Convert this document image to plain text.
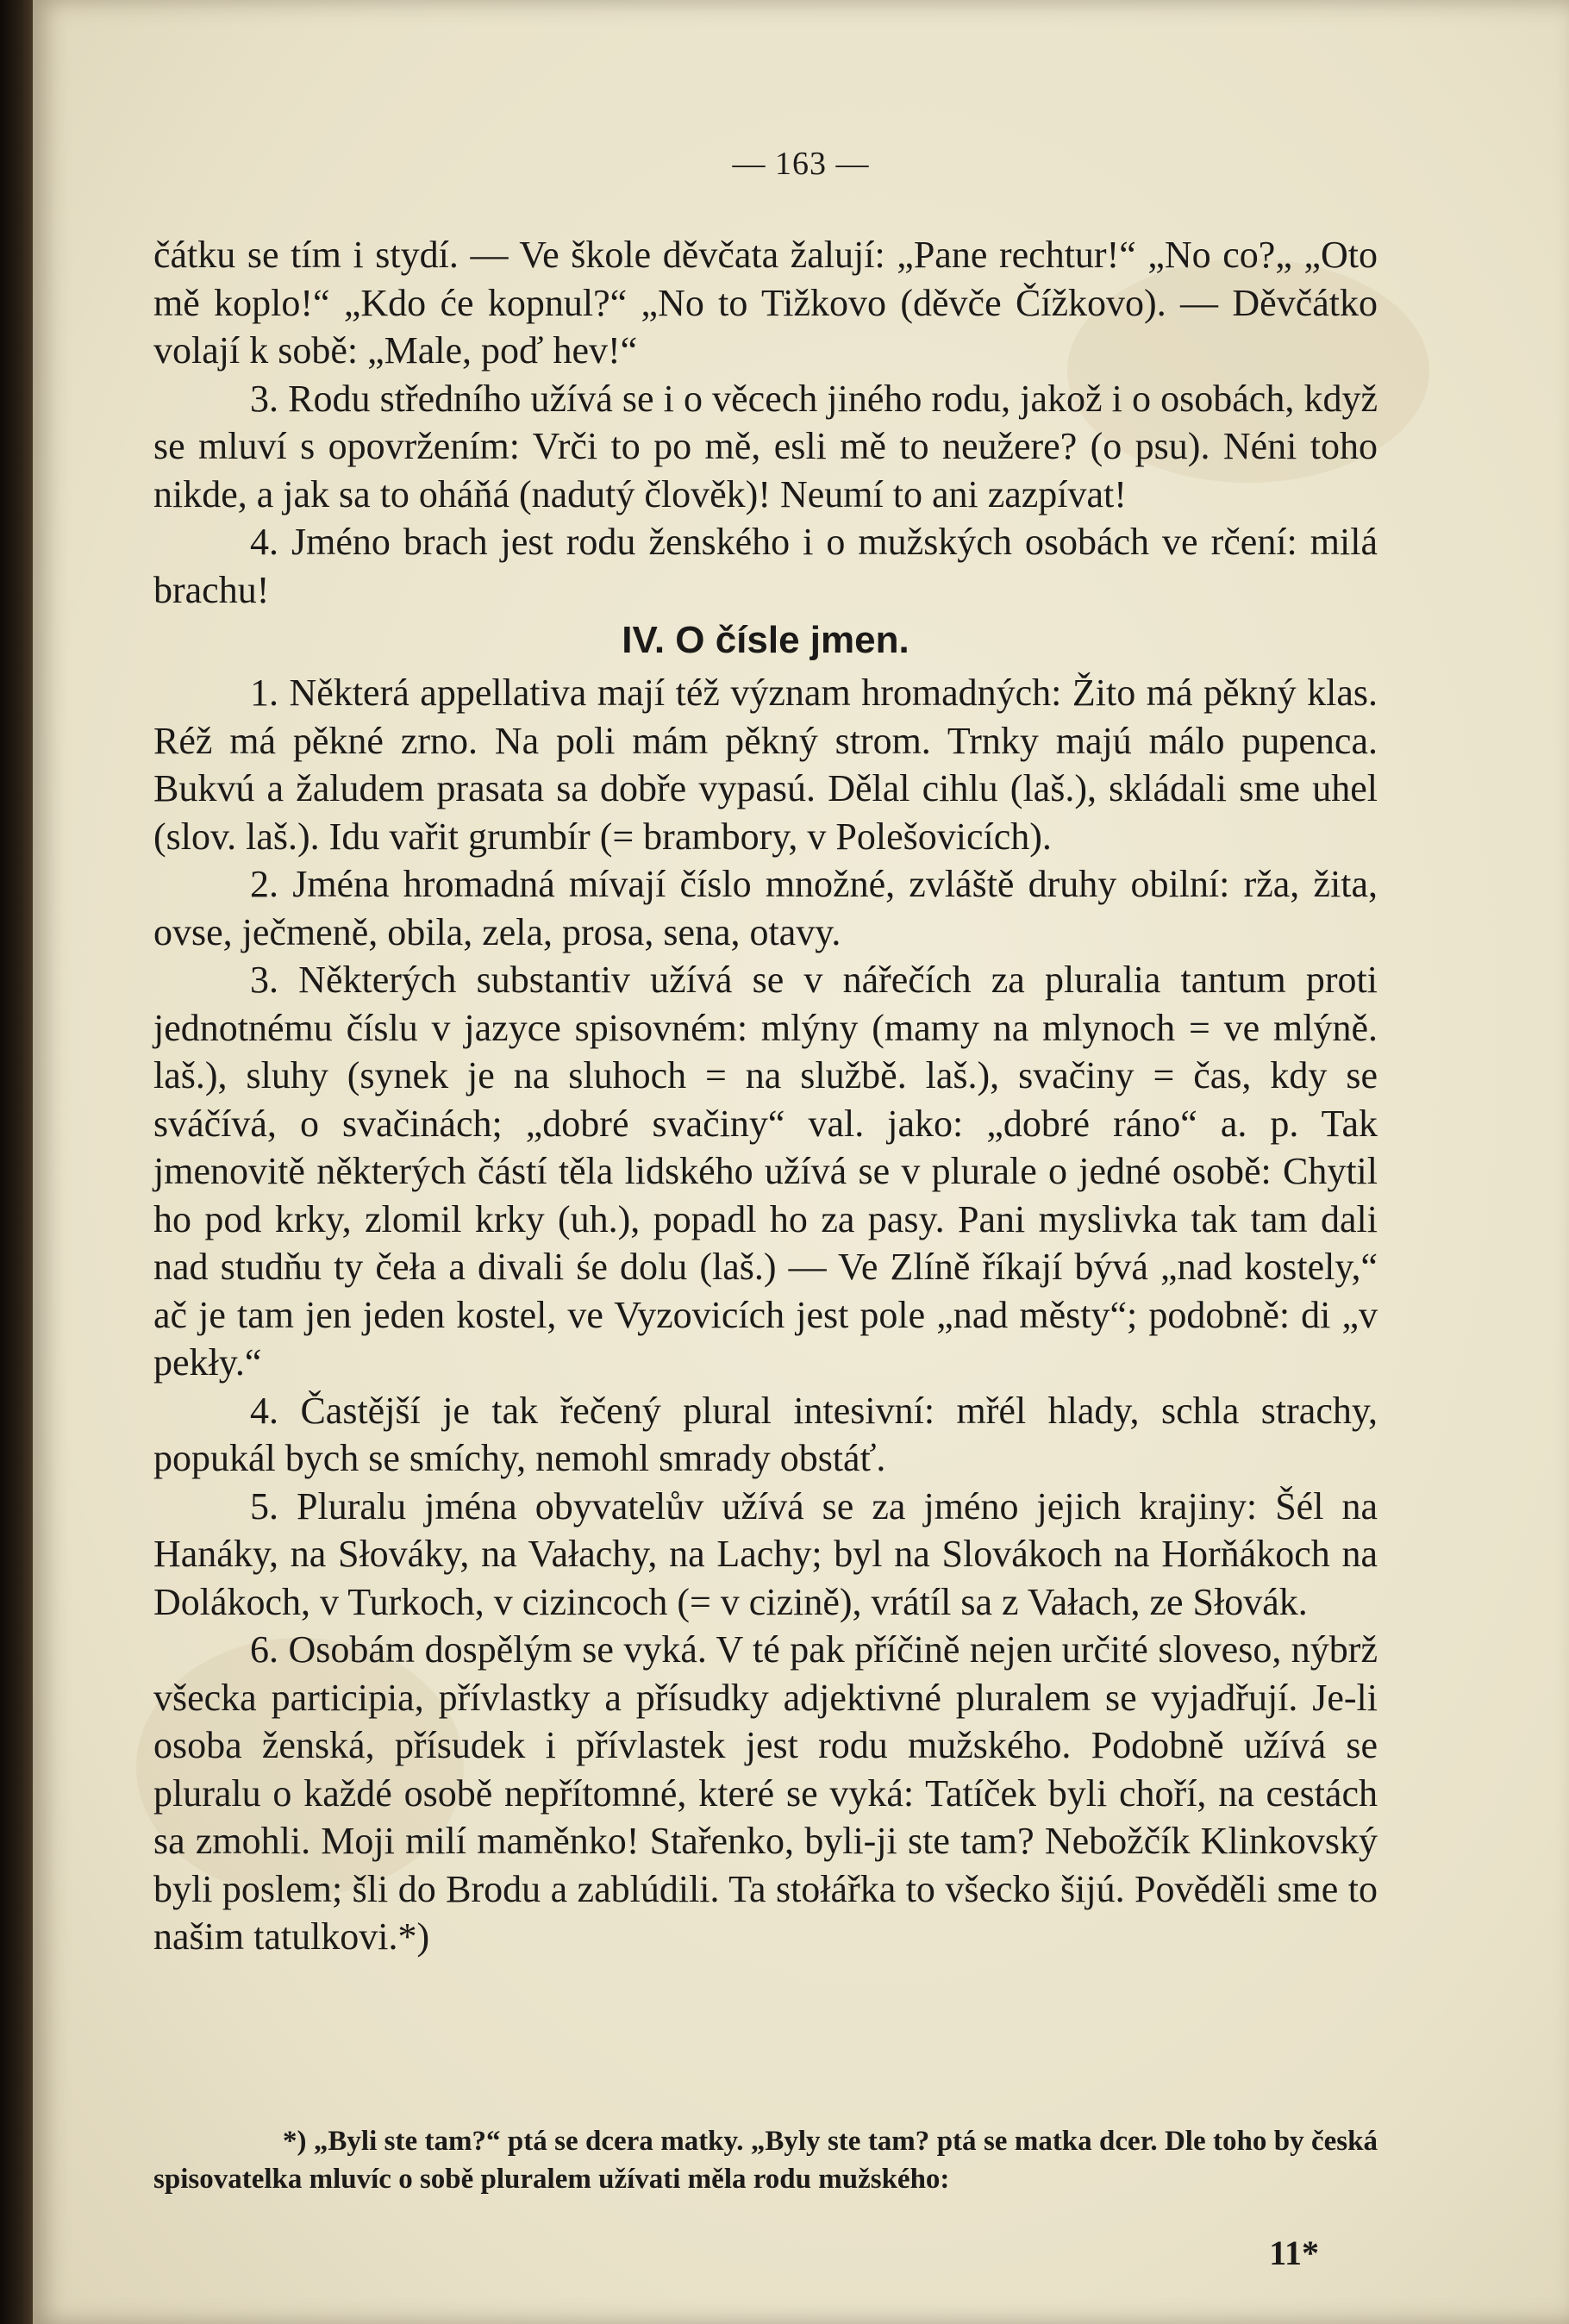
— 163 —

čátku se tím i stydí. — Ve škole děvčata žalují: „Pane rechtur!“ „No co?„ „Oto mě koplo!“ „Kdo će kopnul?“ „No to Tižkovo (děvče Čížkovo). — Děvčátko volají k sobě: „Male, poď hev!“

3. Rodu středního užívá se i o věcech jiného rodu, jakož i o osobách, když se mluví s opovržením: Vrči to po mě, esli mě to neužere? (o psu). Néni toho nikde, a jak sa to oháňá (nadutý člověk)! Neumí to ani zazpívat!

4. Jméno brach jest rodu ženského i o mužských osobách ve rčení: milá brachu!

IV. O čísle jmen.

1. Některá appellativa mají též význam hromadných: Žito má pěkný klas. Réž má pěkné zrno. Na poli mám pěkný strom. Trnky majú málo pupenca. Bukvú a žaludem prasata sa dobře vypasú. Dělal cihlu (laš.), skládali sme uhel (slov. laš.). Idu vařit grumbír (= brambory, v Polešovicích).

2. Jména hromadná mívají číslo množné, zvláště druhy obilní: rža, žita, ovse, ječmeně, obila, zela, prosa, sena, otavy.

3. Některých substantiv užívá se v nářečích za pluralia tantum proti jednotnému číslu v jazyce spisovném: mlýny (mamy na mlynoch = ve mlýně. laš.), sluhy (synek je na sluhoch = na službě. laš.), svačiny = čas, kdy se sváčívá, o svačinách; „dobré svačiny“ val. jako: „dobré ráno“ a. p. Tak jmenovitě některých částí těla lidského užívá se v plurale o jedné osobě: Chytil ho pod krky, zlomil krky (uh.), popadl ho za pasy. Pani myslivka tak tam dali nad studňu ty čeła a divali śe dolu (laš.) — Ve Zlíně říkají bývá „nad kostely,“ ač je tam jen jeden kostel, ve Vyzovicích jest pole „nad městy“; podobně: di „v pekły.“

4. Častější je tak řečený plural intesivní: mřél hlady, schla strachy, popukál bych se smíchy, nemohl smrady obstáť.

5. Pluralu jména obyvatelův užívá se za jméno jejich krajiny: Šél na Hanáky, na Słováky, na Vałachy, na Lachy; byl na Slovákoch na Horňákoch na Dolákoch, v Turkoch, v cizincoch (= v cizině), vrátíl sa z Vałach, ze Słovák.

6. Osobám dospělým se vyká. V té pak příčině nejen určité sloveso, nýbrž všecka participia, přívlastky a přísudky adjektivné pluralem se vyjadřují. Je-li osoba ženská, přísudek i přívlastek jest rodu mužského. Podobně užívá se pluralu o každé osobě nepřítomné, které se vyká: Tatíček byli choří, na cestách sa zmohli. Moji milí maměnko! Stařenko, byli-ji ste tam? Nebožčík Klinkovský byli poslem; šli do Brodu a zablúdili. Ta stołářka to všecko šijú. Pověděli sme to našim tatulkovi.*)

*) „Byli ste tam?“ ptá se dcera matky. „Byly ste tam? ptá se matka dcer. Dle toho by česká spisovatelka mluvíc o sobě pluralem užívati měla rodu mužského:

11*
